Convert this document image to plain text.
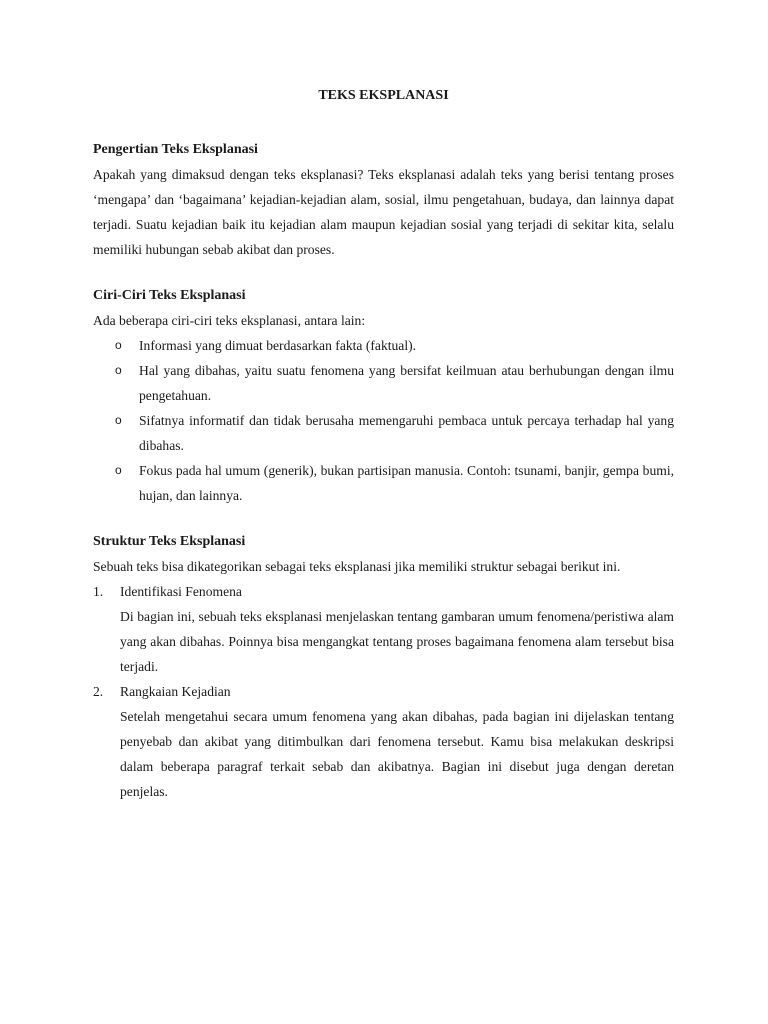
TEKS EKSPLANASI

Pengertian Teks Eksplanasi

Apakah yang dimaksud dengan teks eksplanasi? Teks eksplanasi adalah teks yang berisi tentang proses ‘mengapa’ dan ‘bagaimana’ kejadian-kejadian alam, sosial, ilmu pengetahuan, budaya, dan lainnya dapat terjadi. Suatu kejadian baik itu kejadian alam maupun kejadian sosial yang terjadi di sekitar kita, selalu memiliki hubungan sebab akibat dan proses.

Ciri-Ciri Teks Eksplanasi

Ada beberapa ciri-ciri teks eksplanasi, antara lain:

o Informasi yang dimuat berdasarkan fakta (faktual).
o Hal yang dibahas, yaitu suatu fenomena yang bersifat keilmuan atau berhubungan dengan ilmu pengetahuan.
o Sifatnya informatif dan tidak berusaha memengaruhi pembaca untuk percaya terhadap hal yang dibahas.
o Fokus pada hal umum (generik), bukan partisipan manusia. Contoh: tsunami, banjir, gempa bumi, hujan, dan lainnya.

Struktur Teks Eksplanasi

Sebuah teks bisa dikategorikan sebagai teks eksplanasi jika memiliki struktur sebagai berikut ini.

1. Identifikasi Fenomena
Di bagian ini, sebuah teks eksplanasi menjelaskan tentang gambaran umum fenomena/peristiwa alam yang akan dibahas. Poinnya bisa mengangkat tentang proses bagaimana fenomena alam tersebut bisa terjadi.
2. Rangkaian Kejadian
Setelah mengetahui secara umum fenomena yang akan dibahas, pada bagian ini dijelaskan tentang penyebab dan akibat yang ditimbulkan dari fenomena tersebut. Kamu bisa melakukan deskripsi dalam beberapa paragraf terkait sebab dan akibatnya. Bagian ini disebut juga dengan deretan penjelas.
